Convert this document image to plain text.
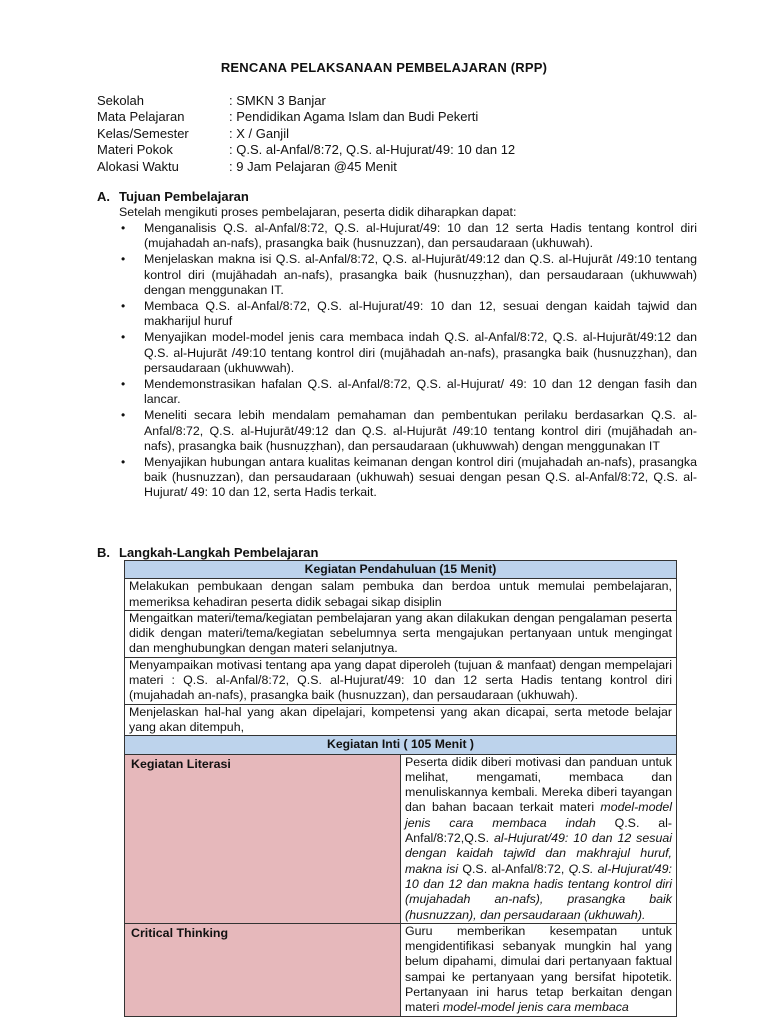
RENCANA PELAKSANAAN PEMBELAJARAN (RPP)
Sekolah	: SMKN 3 Banjar
Mata Pelajaran	: Pendidikan Agama Islam dan Budi Pekerti
Kelas/Semester	: X / Ganjil
Materi Pokok	: Q.S. al-Anfal/8:72, Q.S. al-Hujurat/49: 10 dan 12
Alokasi Waktu	: 9 Jam Pelajaran @45 Menit
A. Tujuan Pembelajaran
Setelah mengikuti proses pembelajaran, peserta didik diharapkan dapat:
• Menganalisis Q.S. al-Anfal/8:72, Q.S. al-Hujurat/49: 10 dan 12 serta Hadis tentang kontrol diri (mujahadah an-nafs), prasangka baik (husnuzzan), dan persaudaraan (ukhuwah).
• Menjelaskan makna isi Q.S. al-Anfal/8:72, Q.S. al-Hujurāt/49:12 dan Q.S. al-Hujurāt /49:10 tentang kontrol diri (mujāhadah an-nafs), prasangka baik (husnuẓẓhan), dan persaudaraan (ukhuwwah) dengan menggunakan IT.
• Membaca Q.S. al-Anfal/8:72, Q.S. al-Hujurat/49: 10 dan 12, sesuai dengan kaidah tajwid dan makharijul huruf
• Menyajikan model-model jenis cara membaca indah Q.S. al-Anfal/8:72, Q.S. al-Hujurāt/49:12 dan Q.S. al-Hujurāt /49:10 tentang kontrol diri (mujāhadah an-nafs), prasangka baik (husnuẓẓhan), dan persaudaraan (ukhuwwah).
• Mendemonstrasikan hafalan Q.S. al-Anfal/8:72, Q.S. al-Hujurat/ 49: 10 dan 12 dengan fasih dan lancar.
• Meneliti secara lebih mendalam pemahaman dan pembentukan perilaku berdasarkan Q.S. al-Anfal/8:72, Q.S. al-Hujurāt/49:12 dan Q.S. al-Hujurāt /49:10 tentang kontrol diri (mujāhadah an-nafs), prasangka baik (husnuẓẓhan), dan persaudaraan (ukhuwwah) dengan menggunakan IT
• Menyajikan hubungan antara kualitas keimanan dengan kontrol diri (mujahadah an-nafs), prasangka baik (husnuzzan), dan persaudaraan (ukhuwah) sesuai dengan pesan Q.S. al-Anfal/8:72, Q.S. al-Hujurat/ 49: 10 dan 12, serta Hadis terkait.
B. Langkah-Langkah Pembelajaran
Kegiatan Pendahuluan (15 Menit)	
Melakukan pembukaan dengan salam pembuka dan berdoa untuk memulai pembelajaran, memeriksa kehadiran peserta didik sebagai sikap disiplin	
Mengaitkan materi/tema/kegiatan pembelajaran yang akan dilakukan dengan pengalaman peserta didik dengan materi/tema/kegiatan sebelumnya serta mengajukan pertanyaan untuk mengingat dan menghubungkan dengan materi selanjutnya.	
Menyampaikan motivasi tentang apa yang dapat diperoleh (tujuan & manfaat) dengan mempelajari materi : Q.S. al-Anfal/8:72, Q.S. al-Hujurat/49: 10 dan 12 serta Hadis tentang kontrol diri (mujahadah an-nafs), prasangka baik (husnuzzan), dan persaudaraan (ukhuwah).	
Menjelaskan hal-hal yang akan dipelajari, kompetensi yang akan dicapai, serta metode belajar yang akan ditempuh,	
Kegiatan Inti ( 105 Menit )	
Kegiatan Literasi	Peserta didik diberi motivasi dan panduan untuk melihat, mengamati, membaca dan menuliskannya kembali. Mereka diberi tayangan dan bahan bacaan terkait materi model-model jenis cara membaca indah Q.S. al-Anfal/8:72,Q.S. al-Hujurat/49: 10 dan 12 sesuai dengan kaidah tajwīd dan makhrajul huruf, makna isi Q.S. al-Anfal/8:72, Q.S. al-Hujurat/49: 10 dan 12 dan makna hadis tentang kontrol diri (mujahadah an-nafs), prasangka baik (husnuzzan), dan persaudaraan (ukhuwah).
Critical Thinking	Guru memberikan kesempatan untuk mengidentifikasi sebanyak mungkin hal yang belum dipahami, dimulai dari pertanyaan faktual sampai ke pertanyaan yang bersifat hipotetik. Pertanyaan ini harus tetap berkaitan dengan materi model-model jenis cara membaca
